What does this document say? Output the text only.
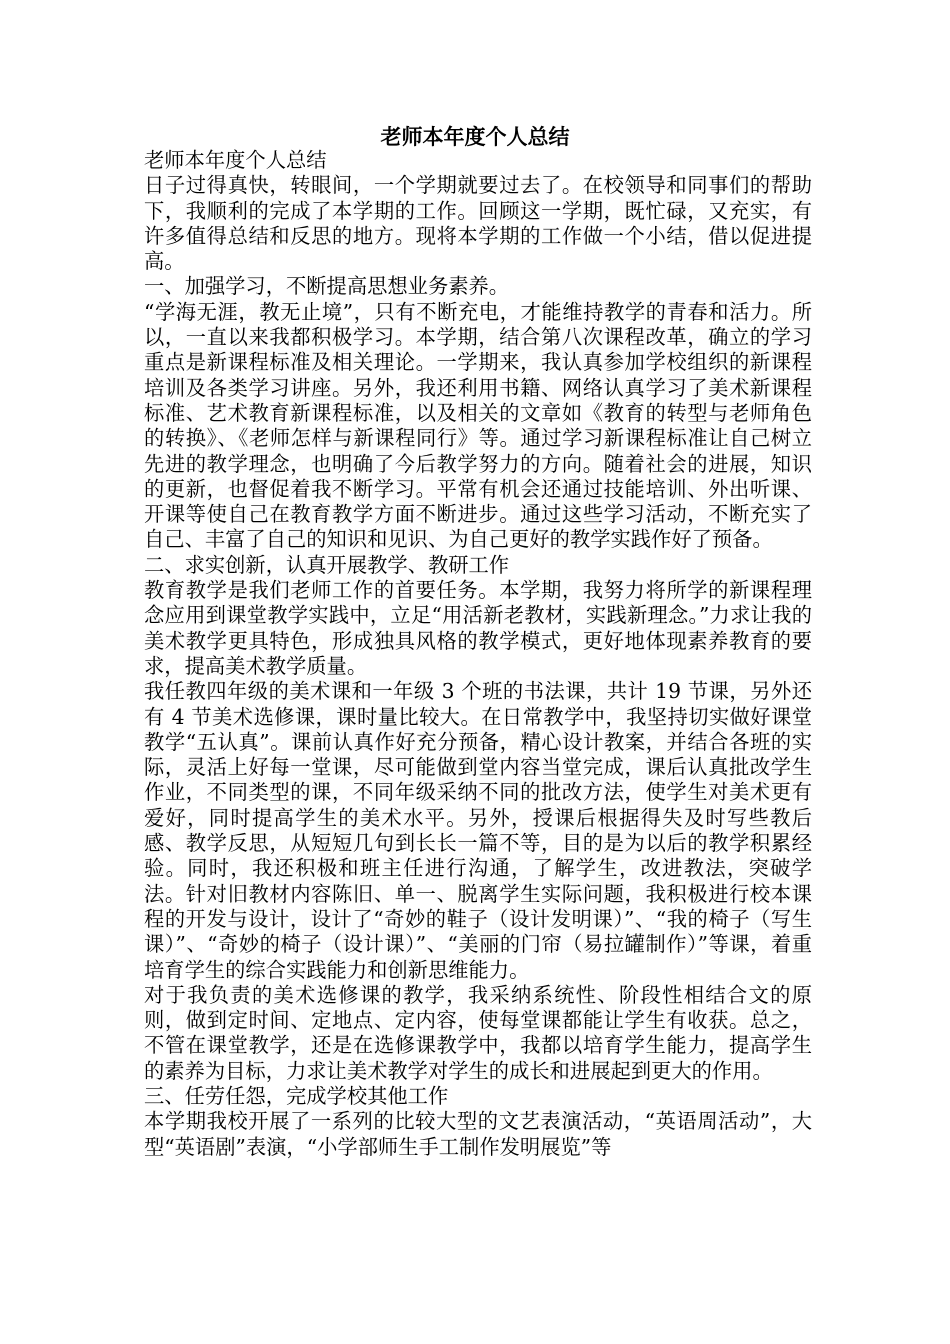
老师本年度个人总结

老师本年度个人总结

日子过得真快，转眼间，一个学期就要过去了。在校领导和同事们的帮助下，我顺利的完成了本学期的工作。回顾这一学期，既忙碌，又充实，有许多值得总结和反思的地方。现将本学期的工作做一个小结，借以促进提高。

一、加强学习，不断提高思想业务素养。

“学海无涯，教无止境”，只有不断充电，才能维持教学的青春和活力。所以，一直以来我都积极学习。本学期，结合第八次课程改革，确立的学习重点是新课程标准及相关理论。一学期来，我认真参加学校组织的新课程培训及各类学习讲座。另外，我还利用书籍、网络认真学习了美术新课程标准、艺术教育新课程标准，以及相关的文章如《教育的转型与老师角色的转换》、《老师怎样与新课程同行》等。通过学习新课程标准让自己树立先进的教学理念，也明确了今后教学努力的方向。随着社会的进展，知识的更新，也督促着我不断学习。平常有机会还通过技能培训、外出听课、开课等使自己在教育教学方面不断进步。通过这些学习活动，不断充实了自己、丰富了自己的知识和见识、为自己更好的教学实践作好了预备。

二、求实创新，认真开展教学、教研工作

教育教学是我们老师工作的首要任务。本学期，我努力将所学的新课程理念应用到课堂教学实践中，立足“用活新老教材，实践新理念。”力求让我的美术教学更具特色，形成独具风格的教学模式，更好地体现素养教育的要求，提高美术教学质量。

我任教四年级的美术课和一年级 3 个班的书法课，共计 19 节课，另外还有 4 节美术选修课，课时量比较大。在日常教学中，我坚持切实做好课堂教学“五认真”。课前认真作好充分预备，精心设计教案，并结合各班的实际，灵活上好每一堂课，尽可能做到堂内容当堂完成，课后认真批改学生作业，不同类型的课，不同年级采纳不同的批改方法，使学生对美术更有爱好，同时提高学生的美术水平。另外，授课后根据得失及时写些教后感、教学反思，从短短几句到长长一篇不等，目的是为以后的教学积累经验。同时，我还积极和班主任进行沟通，了解学生，改进教法，突破学法。针对旧教材内容陈旧、单一、脱离学生实际问题，我积极进行校本课程的开发与设计，设计了“奇妙的鞋子（设计发明课）”、“我的椅子（写生课）”、“奇妙的椅子（设计课）”、“美丽的门帘（易拉罐制作）”等课，着重培育学生的综合实践能力和创新思维能力。

对于我负责的美术选修课的教学，我采纳系统性、阶段性相结合文的原则，做到定时间、定地点、定内容，使每堂课都能让学生有收获。总之，不管在课堂教学，还是在选修课教学中，我都以培育学生能力，提高学生的素养为目标，力求让美术教学对学生的成长和进展起到更大的作用。

三、任劳任怨，完成学校其他工作

本学期我校开展了一系列的比较大型的文艺表演活动，“英语周活动”，大型“英语剧”表演，“小学部师生手工制作发明展览”等
